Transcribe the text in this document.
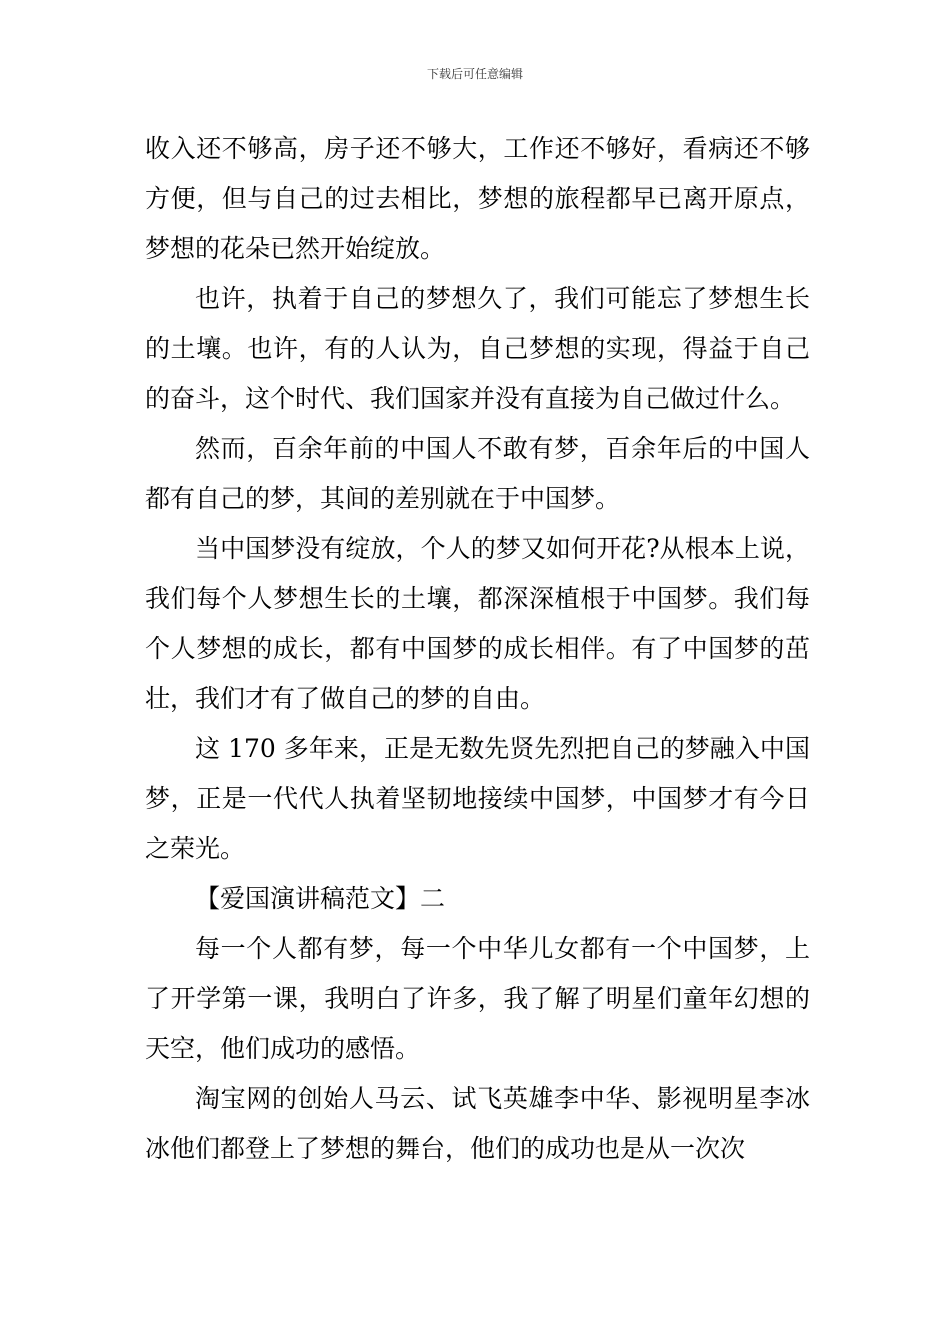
下载后可任意编辑

收入还不够高，房子还不够大，工作还不够好，看病还不够方便，但与自己的过去相比，梦想的旅程都早已离开原点，梦想的花朵已然开始绽放。

也许，执着于自己的梦想久了，我们可能忘了梦想生长的土壤。也许，有的人认为，自己梦想的实现，得益于自己的奋斗，这个时代、我们国家并没有直接为自己做过什么。

然而，百余年前的中国人不敢有梦，百余年后的中国人都有自己的梦，其间的差别就在于中国梦。

当中国梦没有绽放，个人的梦又如何开花?从根本上说，我们每个人梦想生长的土壤，都深深植根于中国梦。我们每个人梦想的成长，都有中国梦的成长相伴。有了中国梦的茁壮，我们才有了做自己的梦的自由。

这 170 多年来，正是无数先贤先烈把自己的梦融入中国梦，正是一代代人执着坚韧地接续中国梦，中国梦才有今日之荣光。

【爱国演讲稿范文】二

每一个人都有梦，每一个中华儿女都有一个中国梦，上了开学第一课，我明白了许多，我了解了明星们童年幻想的天空，他们成功的感悟。

淘宝网的创始人马云、试飞英雄李中华、影视明星李冰冰他们都登上了梦想的舞台，他们的成功也是从一次次
